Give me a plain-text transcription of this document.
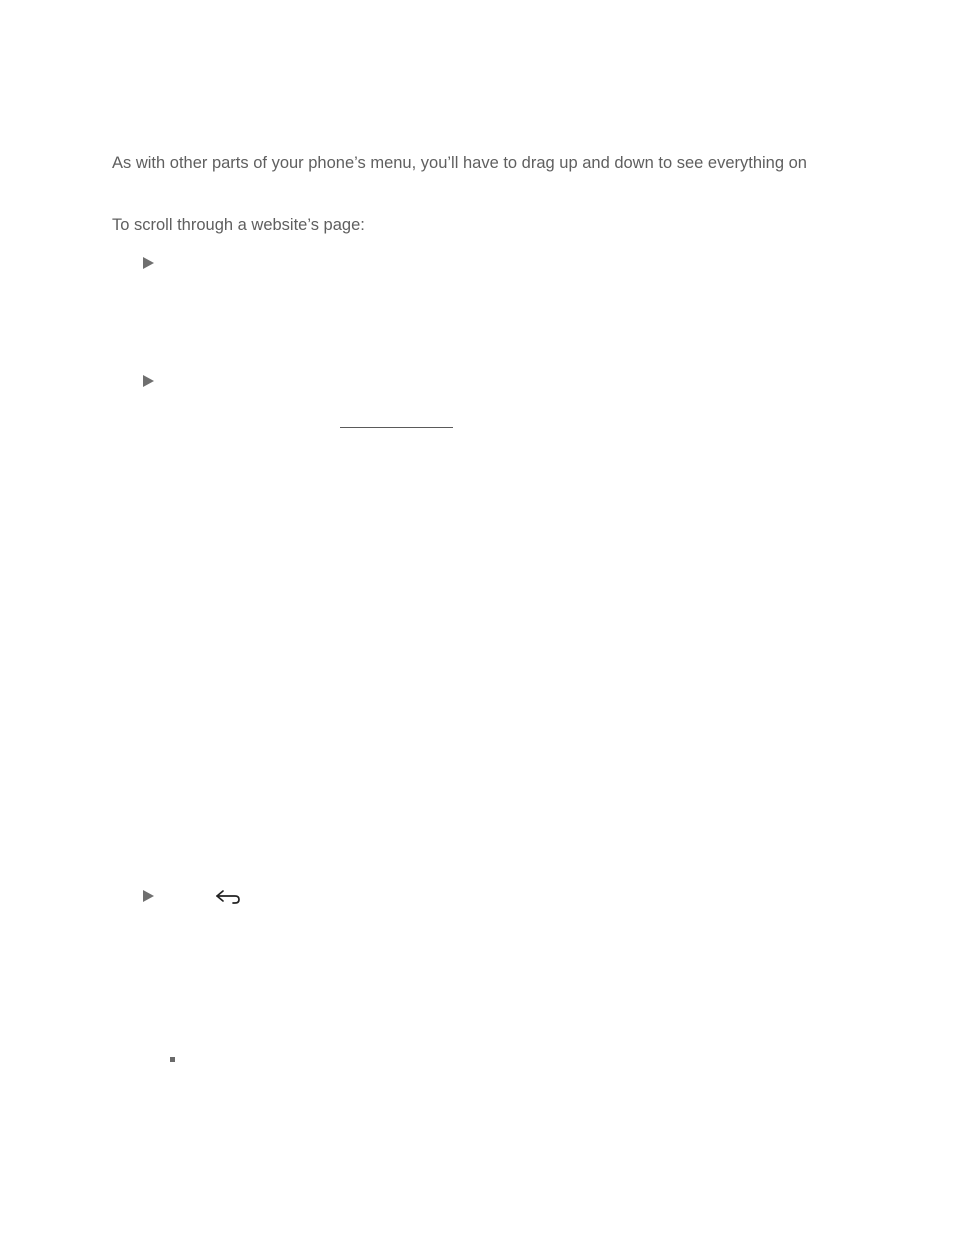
As with other parts of your phone’s menu, you’ll have to drag up and down to see everything on
To scroll through a website’s page:
